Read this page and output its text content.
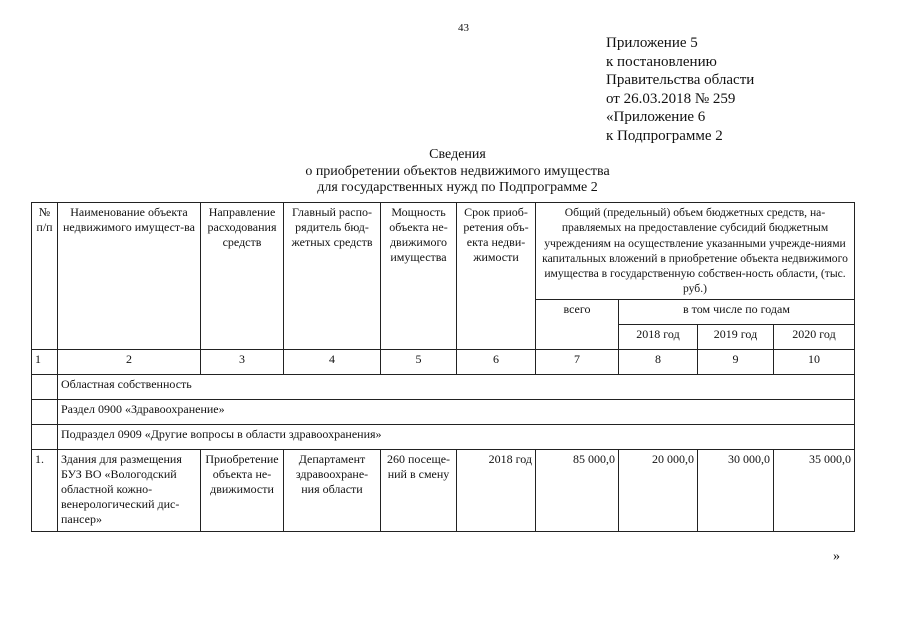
43
Приложение 5
к постановлению
Правительства области
от 26.03.2018 № 259
«Приложение 6
к Подпрограмме 2
Сведения
о приобретении объектов недвижимого имущества
для государственных нужд по Подпрограмме 2
№ п/п	Наименование объекта недвижимого имущест-ва	Направление расходования средств	Главный распо-рядитель бюд-жетных средств	Мощность объекта не-движимого имущества	Срок приоб-ретения объ-екта недви-жимости	Общий (предельный) объем бюджетных средств, на-правляемых на предоставление субсидий бюджетным учреждениям на осуществление указанными учрежде-ниями капитальных вложений в приобретение объекта недвижимого имущества в государственную собствен-ность области, (тыс. руб.)			
						всего	в том числе по годам		
							2018 год	2019 год	2020 год
1	2	3	4	5	6	7	8	9	10
	Областная собственность								
	Раздел 0900 «Здравоохранение»								
	Подраздел 0909 «Другие вопросы в области здравоохранения»								
1.	Здания для размещения БУЗ ВО «Вологодский областной кожно-венерологический дис-пансер»	Приобретение объекта не-движимости	Департамент здравоохране-ния области	260 посеще-ний в смену	2018 год	85 000,0	20 000,0	30 000,0	35 000,0
»
